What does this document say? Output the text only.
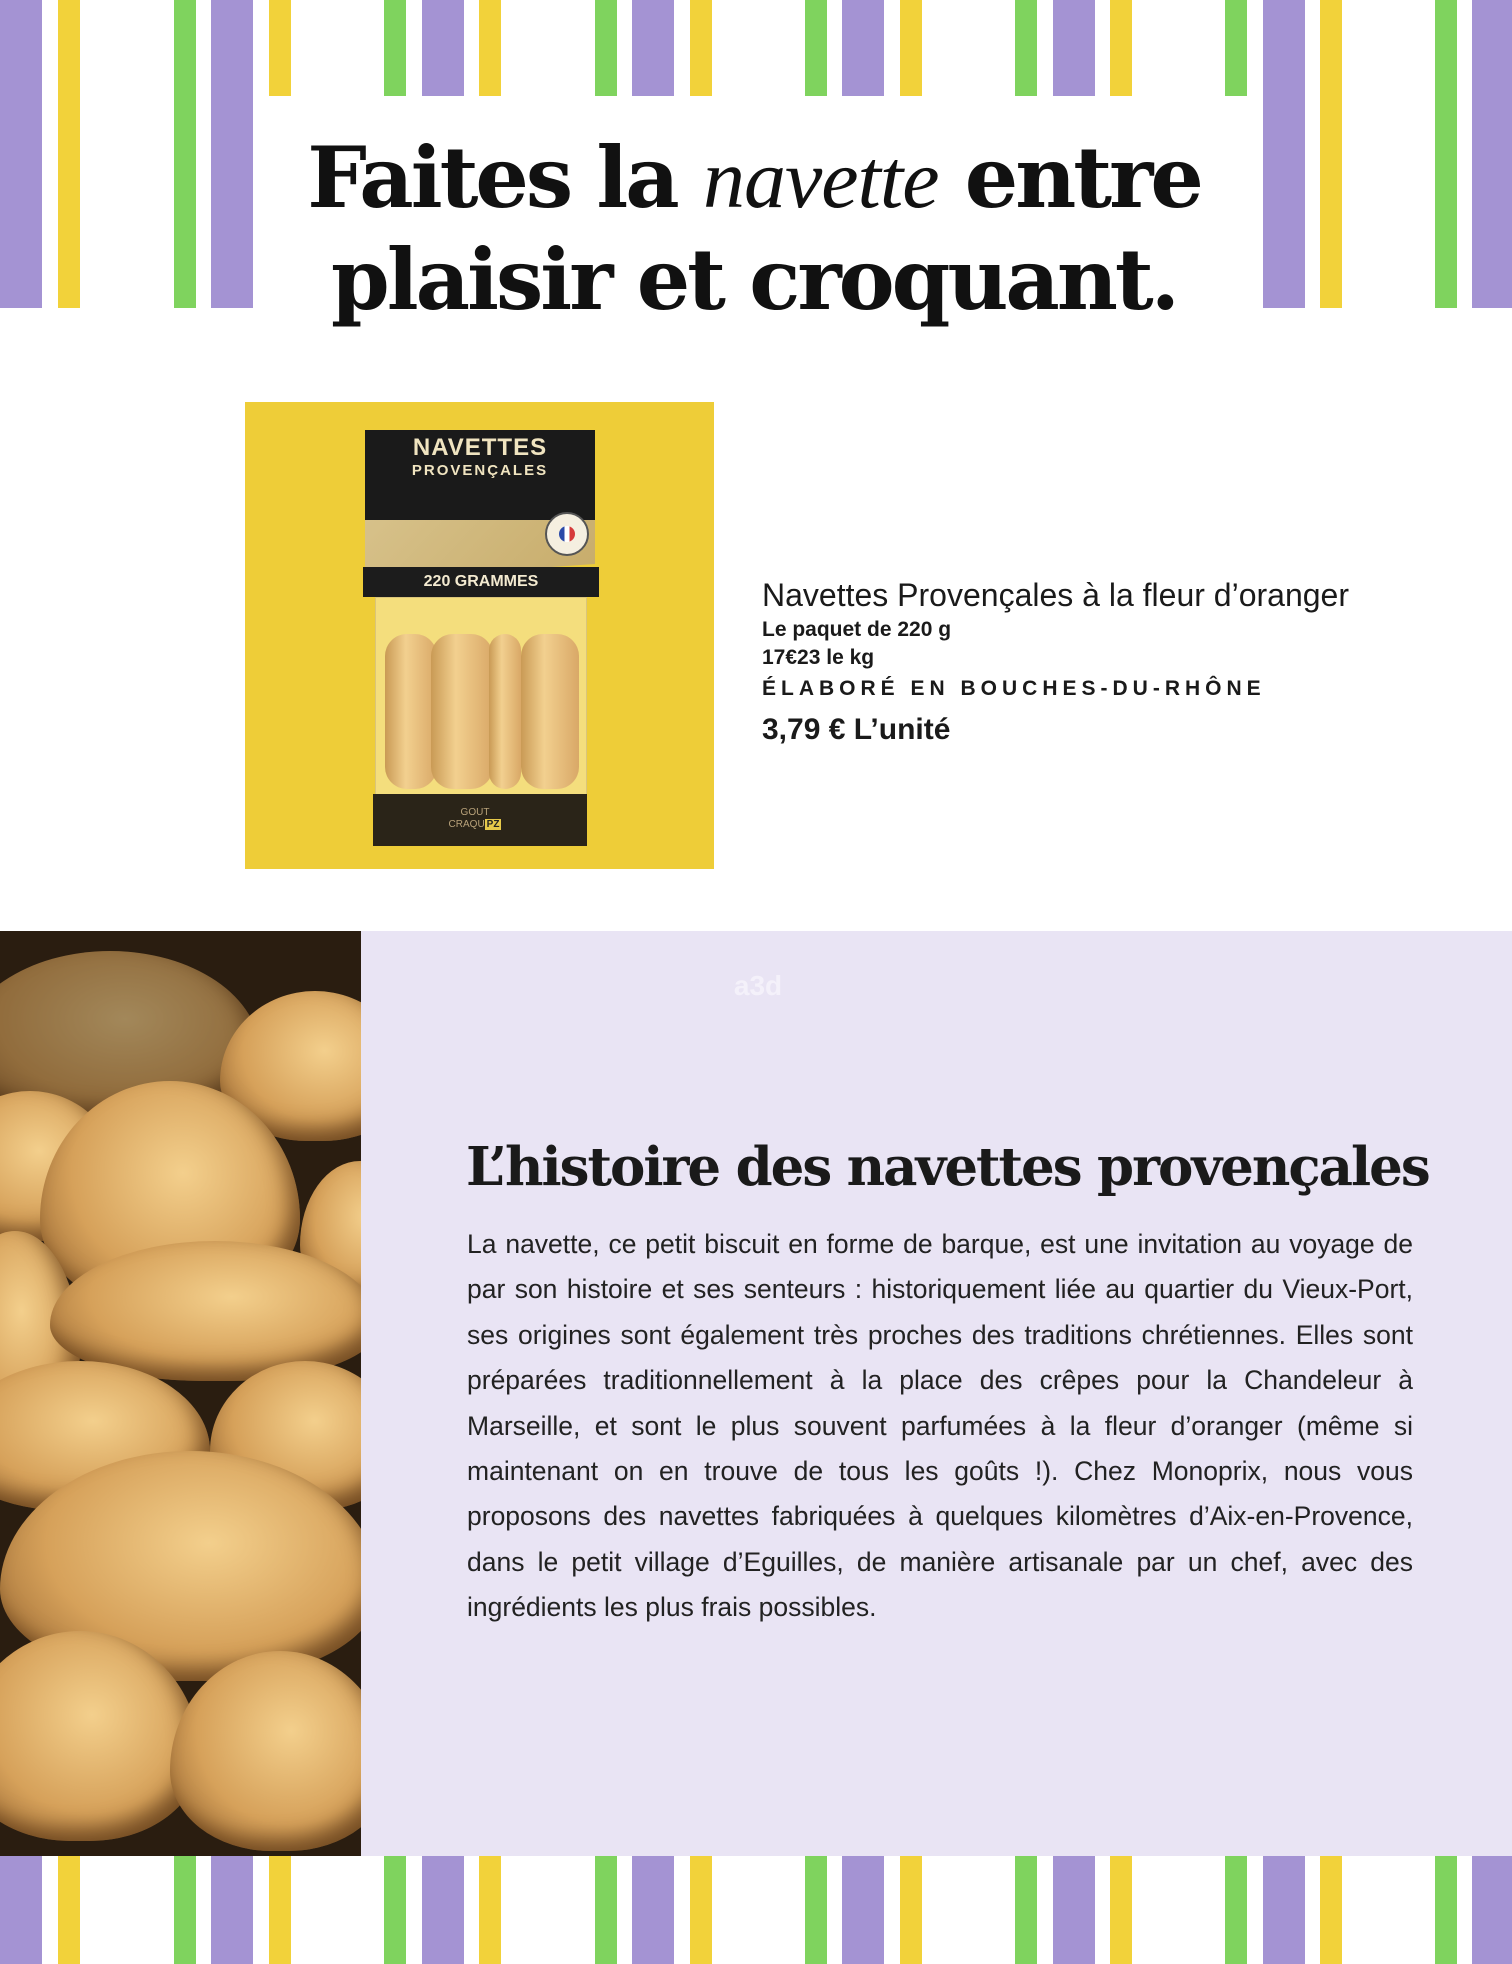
Faites la navette entre
plaisir et croquant.
NAVETTES
PROVENÇALES
220 GRAMMES
GOUT
CRAQU PZ
Navettes Provençales à la fleur d’oranger
Le paquet de 220 g
17€23 le kg
ÉLABORÉ EN BOUCHES-DU-RHÔNE
3,79 € L’unité
a3d
L’histoire des navettes provençales

La navette, ce petit biscuit en forme de barque, est une invitation au voyage de par son histoire et ses senteurs : historiquement liée au quartier du Vieux-Port, ses origines sont également très proches des traditions chrétiennes. Elles sont préparées traditionnellement à la place des crêpes pour la Chandeleur à Marseille, et sont le plus souvent parfumées à la fleur d’oranger (même si maintenant on en trouve de tous les goûts !). Chez Monoprix, nous vous proposons des navettes fabriquées à quelques kilomètres d’Aix-en-Provence, dans le petit village d’Eguilles, de manière artisanale par un chef, avec des ingrédients les plus frais possibles.
